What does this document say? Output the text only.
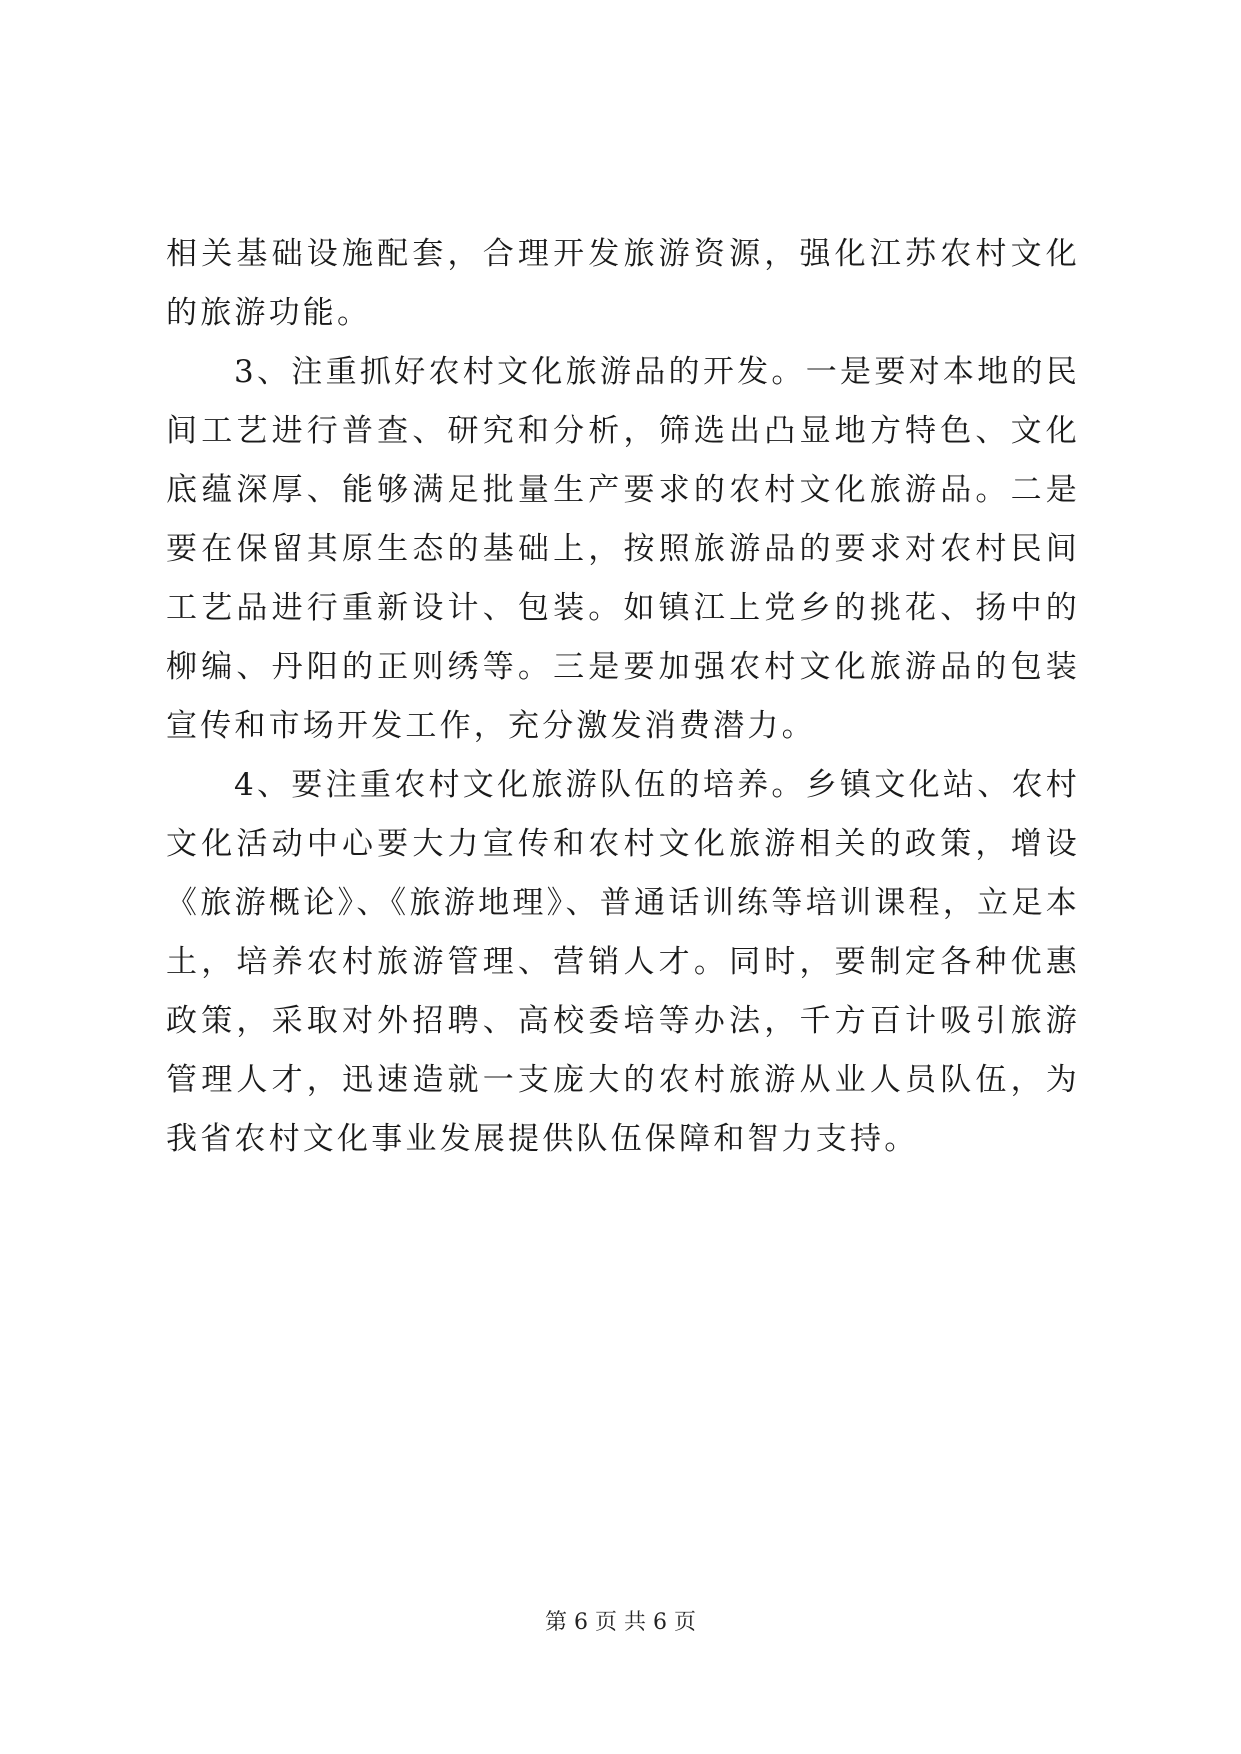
相关基础设施配套，合理开发旅游资源，强化江苏农村文化的旅游功能。

3、注重抓好农村文化旅游品的开发。一是要对本地的民间工艺进行普查、研究和分析，筛选出凸显地方特色、文化底蕴深厚、能够满足批量生产要求的农村文化旅游品。二是要在保留其原生态的基础上，按照旅游品的要求对农村民间工艺品进行重新设计、包装。如镇江上党乡的挑花、扬中的柳编、丹阳的正则绣等。三是要加强农村文化旅游品的包装宣传和市场开发工作，充分激发消费潜力。

4、要注重农村文化旅游队伍的培养。乡镇文化站、农村文化活动中心要大力宣传和农村文化旅游相关的政策，增设《旅游概论》、《旅游地理》、普通话训练等培训课程，立足本土，培养农村旅游管理、营销人才。同时，要制定各种优惠政策，采取对外招聘、高校委培等办法，千方百计吸引旅游管理人才，迅速造就一支庞大的农村旅游从业人员队伍，为我省农村文化事业发展提供队伍保障和智力支持。

第 6 页 共 6 页
